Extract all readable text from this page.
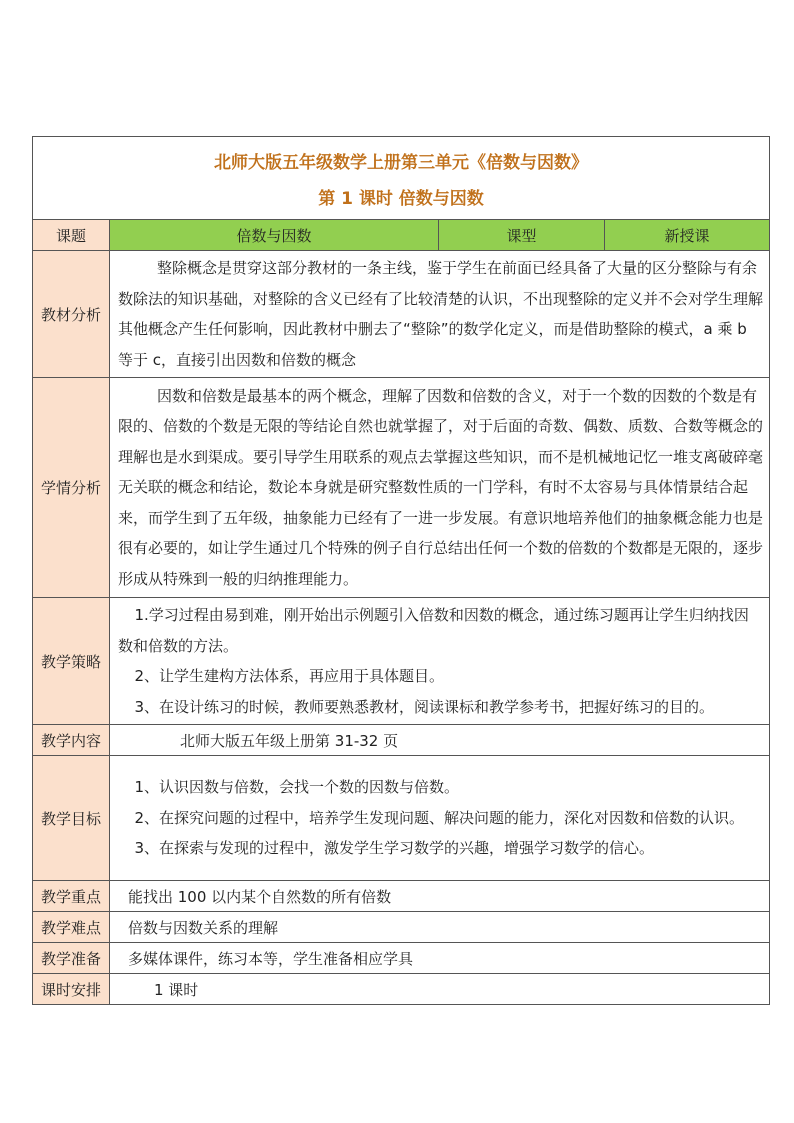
北师大版五年级数学上册第三单元《倍数与因数》
第 1 课时 倍数与因数			

课题	倍数与因数	课型	新授课
教材分析	整除概念是贯穿这部分教材的一条主线，鉴于学生在前面已经具备了大量的区分整除与有余数除法的知识基础，对整除的含义已经有了比较清楚的认识，不出现整除的定义并不会对学生理解其他概念产生任何影响，因此教材中删去了“整除”的数学化定义，而是借助整除的模式，a 乘 b 等于 c，直接引出因数和倍数的概念		

学情分析	因数和倍数是最基本的两个概念，理解了因数和倍数的含义，对于一个数的因数的个数是有限的、倍数的个数是无限的等结论自然也就掌握了，对于后面的奇数、偶数、质数、合数等概念的理解也是水到渠成。要引导学生用联系的观点去掌握这些知识，而不是机械地记忆一堆支离破碎毫无关联的概念和结论，数论本身就是研究整数性质的一门学科，有时不太容易与具体情景结合起来，而学生到了五年级，抽象能力已经有了一进一步发展。有意识地培养他们的抽象概念能力也是很有必要的，如让学生通过几个特殊的例子自行总结出任何一个数的倍数的个数都是无限的，逐步形成从特殊到一般的归纳推理能力。		

教学策略	1.学习过程由易到难，刚开始出示例题引入倍数和因数的概念，通过练习题再让学生归纳找因数和倍数的方法。

2、让学生建构方法体系，再应用于具体题目。

3、在设计练习的时候，教师要熟悉教材，阅读课标和教学参考书，把握好练习的目的。		

教学内容	北师大版五年级上册第 31-32 页		
教学目标	1、认识因数与倍数，会找一个数的因数与倍数。

2、在探究问题的过程中，培养学生发现问题、解决问题的能力，深化对因数和倍数的认识。

3、在探索与发现的过程中，激发学生学习数学的兴趣，增强学习数学的信心。		

教学重点	能找出 100 以内某个自然数的所有倍数		
教学难点	倍数与因数关系的理解		
教学准备	多媒体课件，练习本等，学生准备相应学具		
课时安排	1 课时		
